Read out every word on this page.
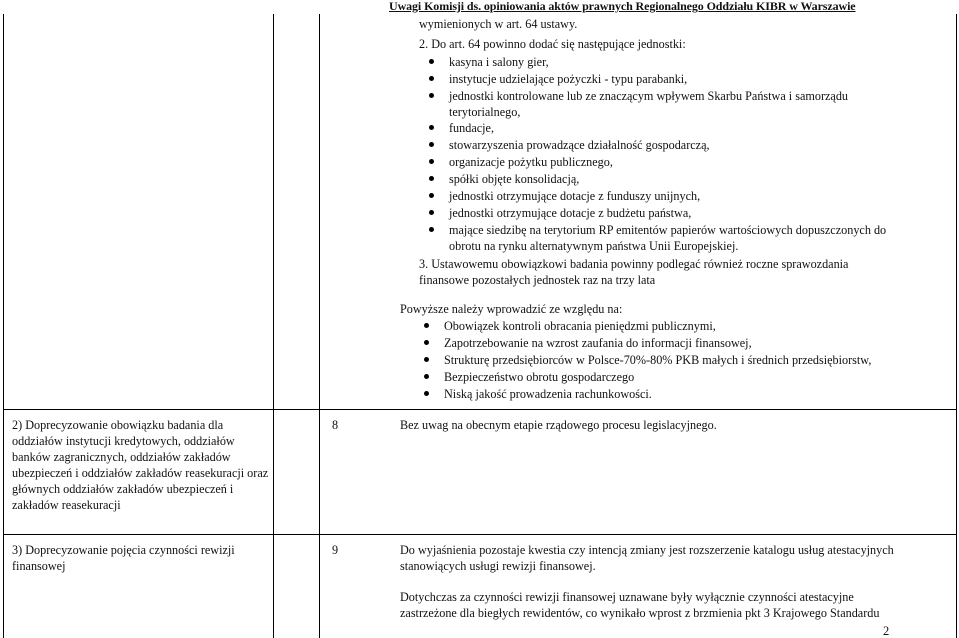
Uwagi Komisji ds. opiniowania aktów prawnych Regionalnego Oddziału KIBR w Warszawie
wymienionych w art. 64 ustawy.
2. Do art. 64 powinno dodać się następujące jednostki:
kasyna i salony gier,
instytucje udzielające pożyczki - typu parabanki,
jednostki kontrolowane lub ze znaczącym wpływem Skarbu Państwa i samorządu
terytorialnego,
fundacje,
stowarzyszenia prowadzące działalność gospodarczą,
organizacje pożytku publicznego,
spółki objęte konsolidacją,
jednostki otrzymujące dotacje z funduszy unijnych,
jednostki otrzymujące dotacje z budżetu państwa,
mające siedzibę na terytorium RP emitentów papierów wartościowych dopuszczonych do
obrotu na rynku alternatywnym państwa Unii Europejskiej.
3. Ustawowemu obowiązkowi badania powinny podlegać również roczne sprawozdania
finansowe pozostałych jednostek raz na trzy lata
Powyższe należy wprowadzić ze względu na:
Obowiązek kontroli obracania pieniędzmi publicznymi,
Zapotrzebowanie na wzrost zaufania do informacji finansowej,
Strukturę przedsiębiorców w Polsce-70%-80% PKB małych i średnich przedsiębiorstw,
Bezpieczeństwo obrotu gospodarczego
Niską jakość prowadzenia rachunkowości.
2) Doprecyzowanie obowiązku badania dla oddziałów instytucji kredytowych, oddziałów banków zagranicznych, oddziałów zakładów ubezpieczeń i oddziałów zakładów reasekuracji oraz głównych oddziałów zakładów ubezpieczeń i zakładów reasekuracji
8	Bez uwag na obecnym etapie rządowego procesu legislacyjnego.
3) Doprecyzowanie pojęcia czynności rewizji finansowej
9	Do wyjaśnienia pozostaje kwestia czy intencją zmiany jest rozszerzenie katalogu usług atestacyjnych stanowiących usługi rewizji finansowej.
Dotychczas za czynności rewizji finansowej uznawane były wyłącznie czynności atestacyjne
zastrzeżone dla biegłych rewidentów, co wynikało wprost z brzmienia pkt 3 Krajowego Standardu
2
